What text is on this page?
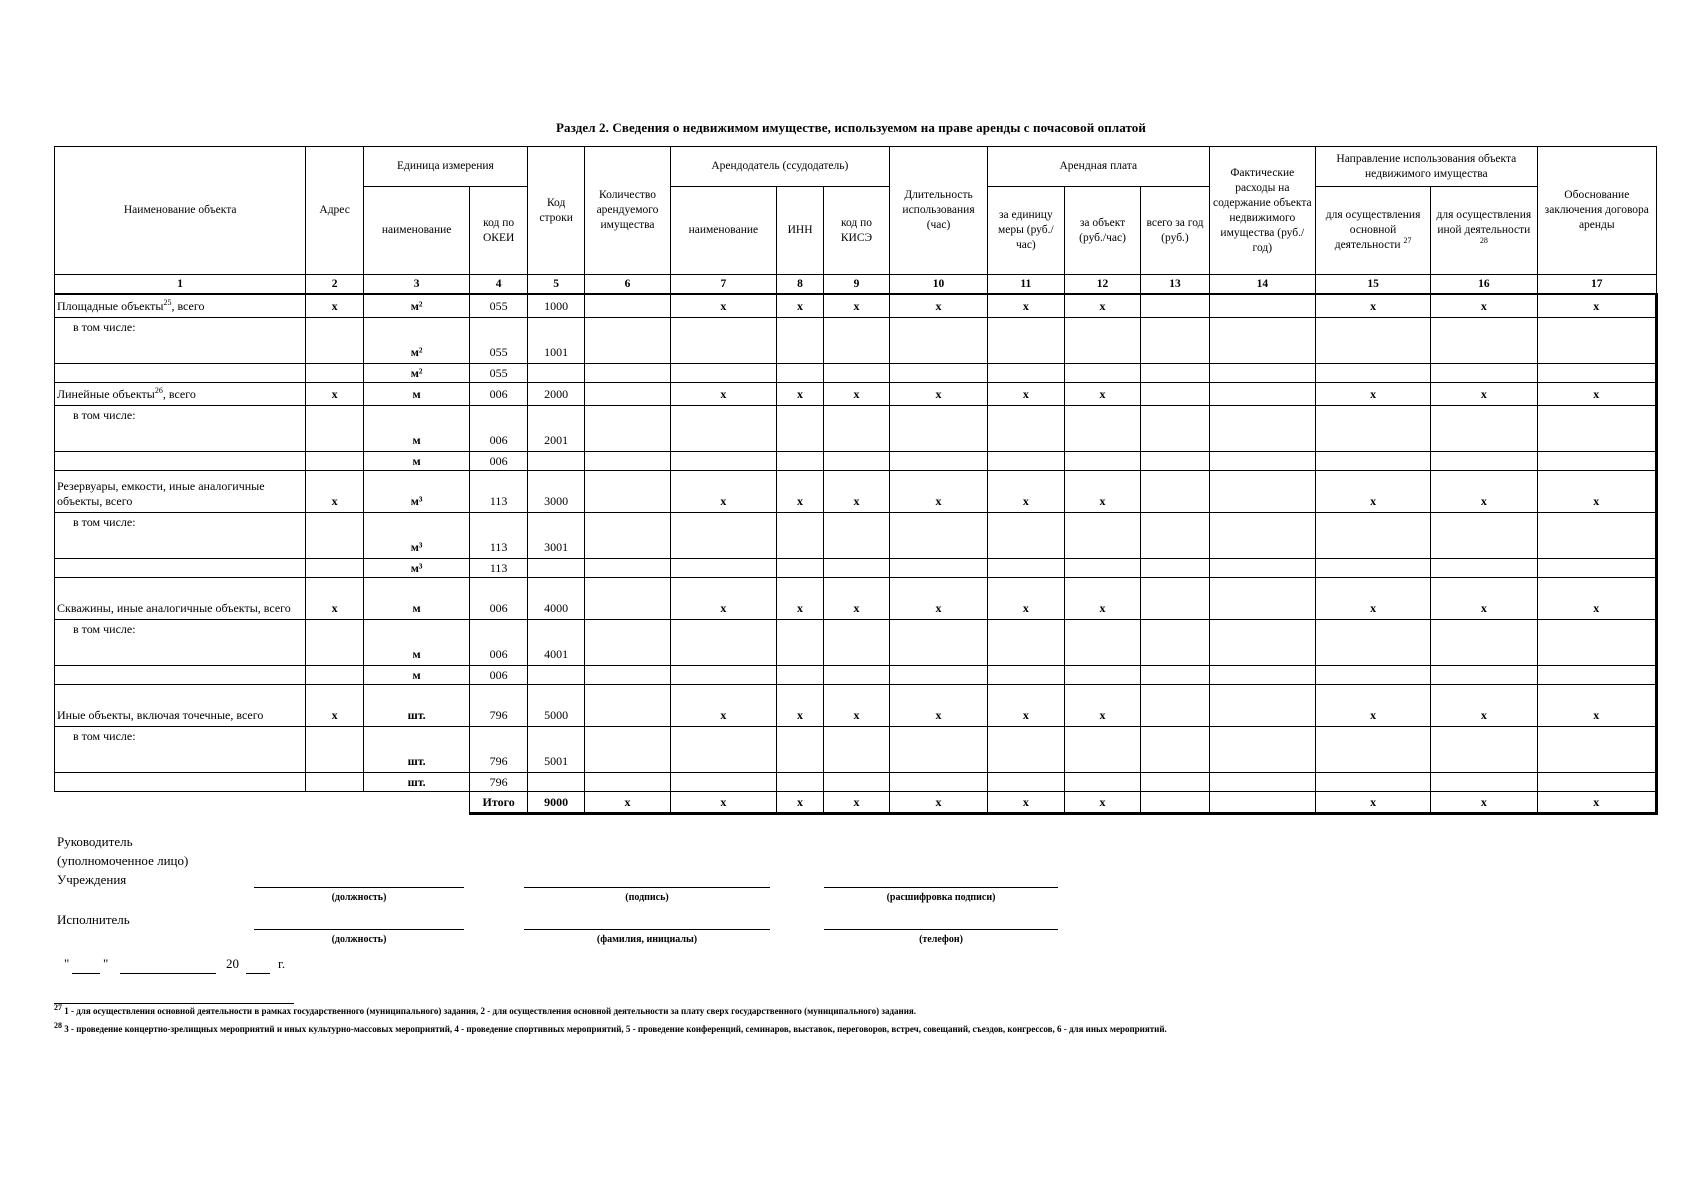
Раздел 2. Сведения о недвижимом имуществе, используемом на праве аренды с почасовой оплатой
Наименование объекта	Адрес	Единица измерения		Код строки	Количество арендуемого имущества	Арендодатель (ссудодатель)			Длительность использования (час)	Арендная плата			Фактические расходы на содержание объекта недвижимого имущества (руб./год)	Направление использования объекта недвижимого имущества		Обоснование заключения договора аренды
		наименование	код по ОКЕИ			наименование	ИНН	код по КИСЭ		за единицу меры (руб./час)	за объект (руб./час)	всего за год (руб.)		для осуществления основной деятельности $^{27}$	для осуществления иной деятельности $^{28}$
1	2	3	4	5	6	7	8	9	10	11	12	13	14	15	16	17
Площадные объекты$^{25}$, всего	x	м²	055	1000		x	x	x	x	x	x			x	x	x
в том числе:		м²	055	1001												
		м²	055													
Линейные объекты$^{26}$, всего	x	м	006	2000		x	x	x	x	x	x			x	x	x
в том числе:		м	006	2001												
		м	006													
Резервуары, емкости, иные аналогичные объекты, всего	x	м³	113	3000		x	x	x	x	x	x			x	x	x
в том числе:		м³	113	3001												
		м³	113													
Скважины, иные аналогичные объекты, всего	x	м	006	4000		x	x	x	x	x	x			x	x	x
в том числе:		м	006	4001												
		м	006													
Иные объекты, включая точечные, всего	x	шт.	796	5000		x	x	x	x	x	x			x	x	x
в том числе:		шт.	796	5001												
		шт.	796													
			Итого	9000	x	x	x	x	x	x	x			x	x	x
Руководитель
(уполномоченное лицо)
Учреждения
(должность)	(подпись)	(расшифровка подписи)
Исполнитель
(должность)	(фамилия, инициалы)	(телефон)
"	"	20	г.
$^{27}$ 1 - для осуществления основной деятельности в рамках государственного (муниципального) задания, 2 - для осуществления основной деятельности за плату сверх государственного (муниципального) задания.
$^{28}$ 3 - проведение концертно-зрелищных мероприятий и иных культурно-массовых мероприятий, 4 - проведение спортивных мероприятий, 5 - проведение конференций, семинаров, выставок, переговоров, встреч, совещаний, съездов, конгрессов, 6 - для иных мероприятий.
